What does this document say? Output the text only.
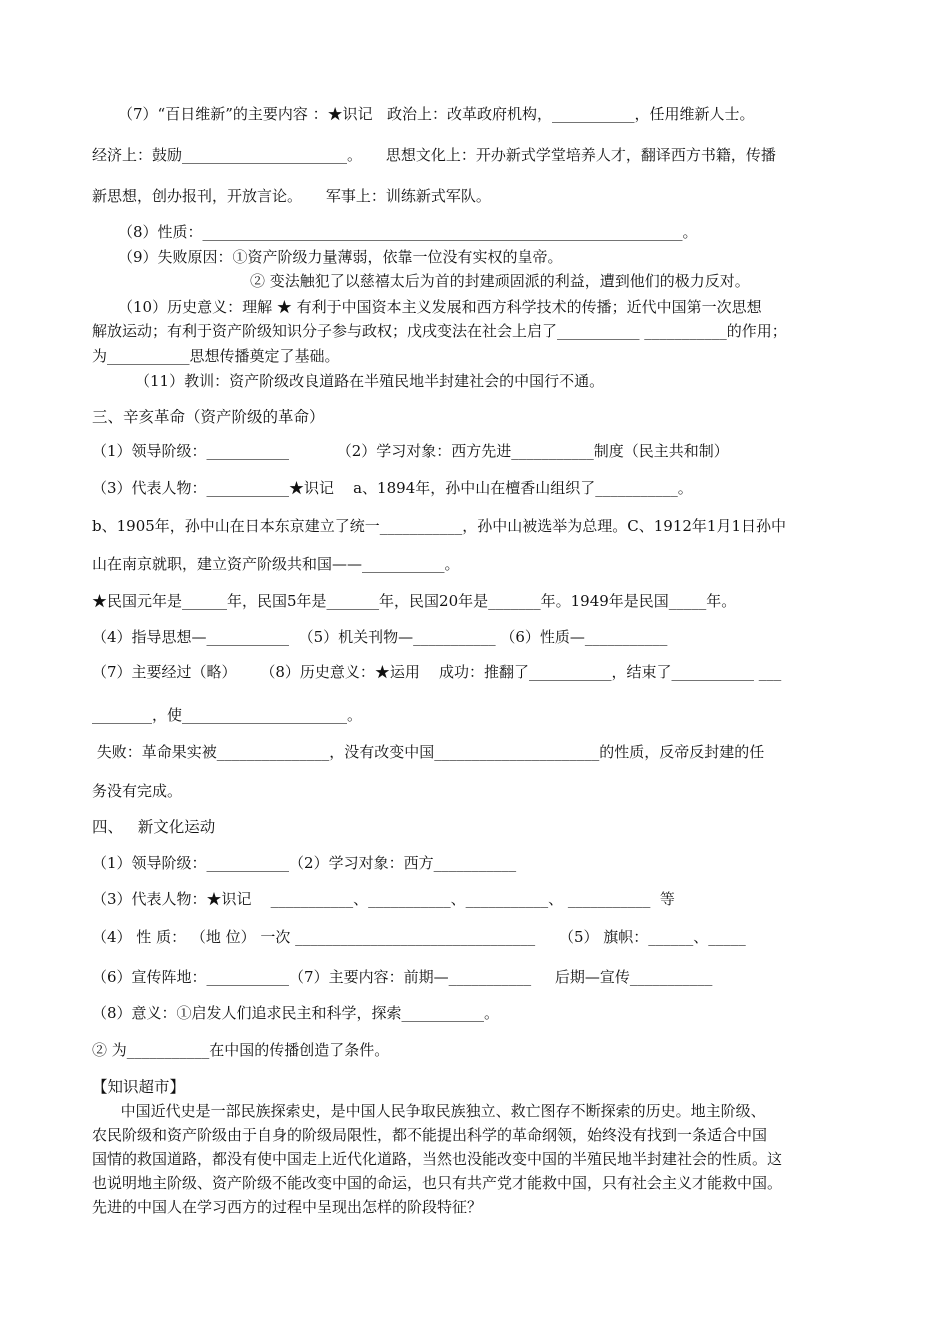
（7）“百日维新”的主要内容 ：★识记   政治上：改革政府机构，___________，任用维新人士。
经济上：鼓励______________________。     思想文化上：开办新式学堂培养人才，翻译西方书籍，传播
新思想，创办报刊，开放言论。     军事上：训练新式军队。
（8）性质：________________________________________________________________。
（9）失败原因：①资产阶级力量薄弱，依靠一位没有实权的皇帝。
② 变法触犯了以慈禧太后为首的封建顽固派的利益，遭到他们的极力反对。
（10）历史意义：理解 ★ 有利于中国资本主义发展和西方科学技术的传播；近代中国第一次思想
解放运动；有利于资产阶级知识分子参与政权；戊戌变法在社会上启了___________ ___________的作用；
为___________思想传播奠定了基础。
（11）教训：资产阶级改良道路在半殖民地半封建社会的中国行不通。
三、辛亥革命（资产阶级的革命）
（1）领导阶级：___________          （2）学习对象：西方先进___________制度（民主共和制）
（3）代表人物：___________★识记    a、1894年，孙中山在檀香山组织了___________。
b、1905年，孙中山在日本东京建立了统一___________，孙中山被选举为总理。C、1912年1月1日孙中
山在南京就职，建立资产阶级共和国——___________。
★民国元年是______年，民国5年是_______年，民国20年是_______年。1949年是民国_____年。
（4）指导思想—___________  （5）机关刊物—___________ （6）性质—___________
（7）主要经过（略）     （8）历史意义：★运用    成功：推翻了___________，结束了___________ ___
________，使______________________。
失败：革命果实被_______________，没有改变中国______________________的性质，反帝反封建的任
务没有完成。
四、   新文化运动
（1）领导阶级：___________（2）学习对象：西方___________
（3）代表人物：★识记    ___________、___________、___________、 ___________  等
（4） 性 质： （地 位） 一次 ________________________________     （5） 旗帜：______、_____
（6）宣传阵地：___________（7）主要内容：前期—___________     后期—宣传___________
（8）意义：①启发人们追求民主和科学，探索___________。
② 为___________在中国的传播创造了条件。
【知识超市】
中国近代史是一部民族探索史，是中国人民争取民族独立、救亡图存不断探索的历史。地主阶级、
农民阶级和资产阶级由于自身的阶级局限性，都不能提出科学的革命纲领，始终没有找到一条适合中国
国情的救国道路，都没有使中国走上近代化道路，当然也没能改变中国的半殖民地半封建社会的性质。这
也说明地主阶级、资产阶级不能改变中国的命运，也只有共产党才能救中国，只有社会主义才能救中国。
先进的中国人在学习西方的过程中呈现出怎样的阶段特征？
